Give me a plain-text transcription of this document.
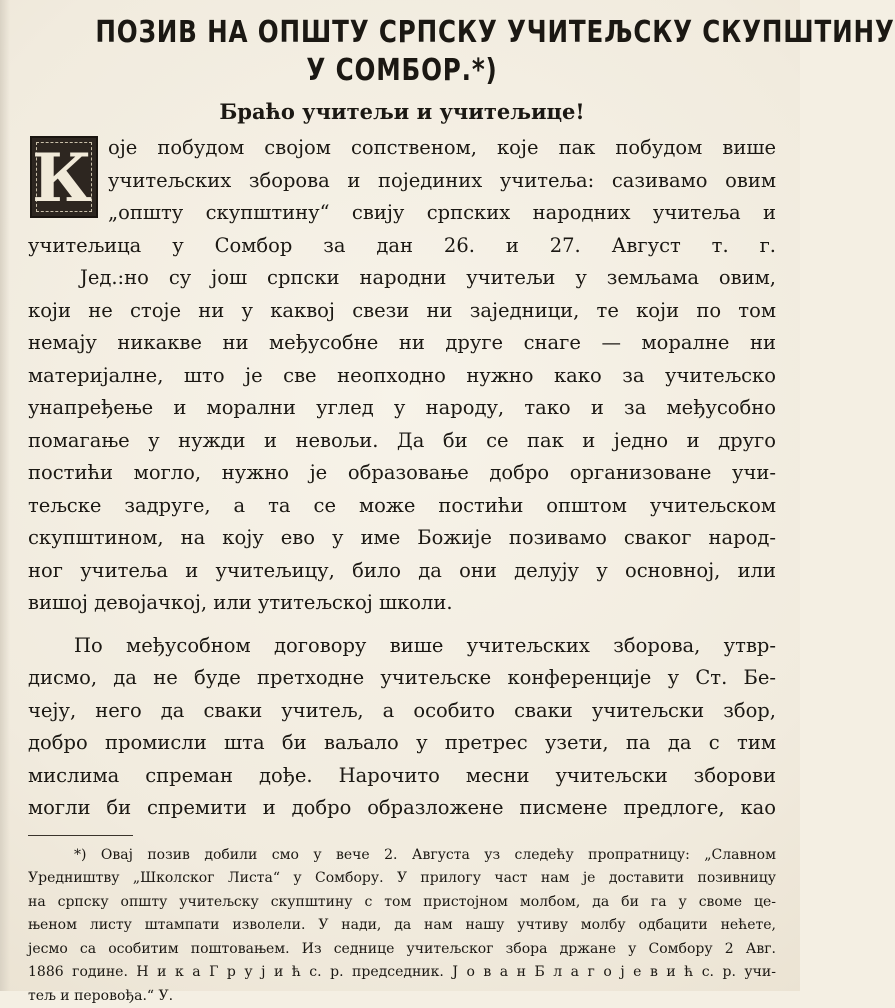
ПОЗИВ НА ОПШТУ СРПСКУ УЧИТЕЉСКУ СКУПШТИНУ
У СОМБОР.*)
Браћо учитељи и учитељице!
К оје побудом својом сопственом, које пак побудом више
учитељских зборова и појединих учитеља: сазивамо овим
„општу скупштину“ свију српских народних учитеља и
учитељица у Сомбор за дан 26. и 27. Август т. г.
Јед.:но су још српски народни учитељи у земљама овим,
који не стоје ни у каквој свези ни заједници, те који по том
немају никакве ни међусобне ни друге снаге — моралне ни
материјалне, што је све неопходно нужно како за учитељско
унапређење и морални углед у народу, тако и за међусобно
помагање у нужди и невољи. Да би се пак и једно и друго
постићи могло, нужно је образовање добро организоване учи-
тељске задруге, а та се може постићи општом учитељском
скупштином, на коју ево у име Божије позивамо сваког народ-
ног учитеља и учитељицу, било да они делују у основној, или
вишој девојачкој, или утитељској школи.
По међусобном договору више учитељских зборова, утвр-
дисмо, да не буде претходне учитељске конференције у Ст. Бе-
чеју, него да сваки учитељ, а особито сваки учитељски збор,
добро промисли шта би ваљало у претрес узети, па да с тим
мислима спреман дође. Нарочито месни учитељски зборови
могли би спремити и добро образложене писмене предлоге, као
*) Овај позив добили смо у вече 2. Августа уз слeдећу пропратницу: „Славном
Уредништву „Школског Листа“ у Сомбору. У прилогу част нам је доставити позивницу
на српску општу учитељску скупштину с том пристојном молбом, да би га у своме це-
њеном листу штампати изволели. У нади, да нам нашу учтиву молбу одбацити нећете,
јесмо са особитим поштовањем. Из седнице учитељског збора држане у Сомбору 2 Авг.
1886 године. Н и к а Г р у ј и ћ с. р. председник. Ј о в а н Б л а г о ј е в и ћ с. р. учи-
тељ и перовођа.“ У.
